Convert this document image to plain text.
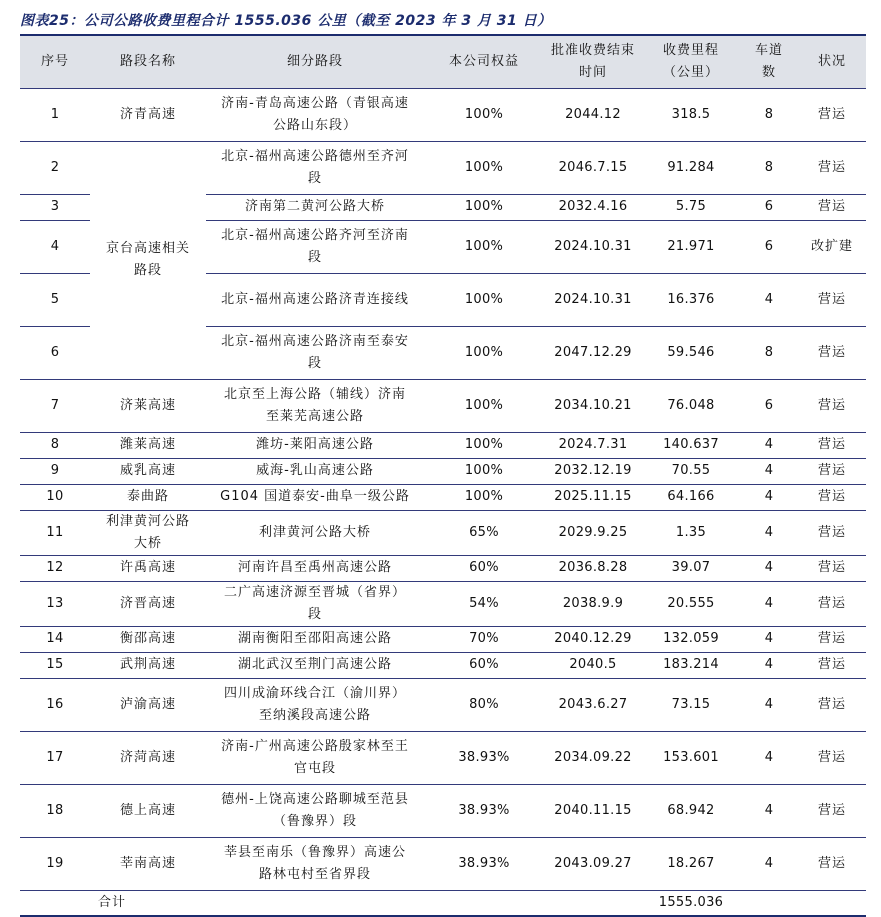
图表25：公司公路收费里程合计 1555.036 公里（截至 2023 年 3 月 31 日）
序号	路段名称	细分路段	本公司权益	批准收费结束时间	收费里程（公里）	车道数	状况
1	济青高速	济南-青岛高速公路（青银高速公路山东段）	100%	2044.12	318.5	8	营运
2	京台高速相关路段	北京-福州高速公路德州至齐河段	100%	2046.7.15	91.284	8	营运
3		济南第二黄河公路大桥	100%	2032.4.16	5.75	6	营运
4		北京-福州高速公路齐河至济南段	100%	2024.10.31	21.971	6	改扩建
5		北京-福州高速公路济青连接线	100%	2024.10.31	16.376	4	营运
6		北京-福州高速公路济南至泰安段	100%	2047.12.29	59.546	8	营运
7	济莱高速	北京至上海公路（辅线）济南至莱芜高速公路	100%	2034.10.21	76.048	6	营运
8	潍莱高速	潍坊-莱阳高速公路	100%	2024.7.31	140.637	4	营运
9	威乳高速	威海-乳山高速公路	100%	2032.12.19	70.55	4	营运
10	泰曲路	G104 国道泰安-曲阜一级公路	100%	2025.11.15	64.166	4	营运
11	利津黄河公路大桥	利津黄河公路大桥	65%	2029.9.25	1.35	4	营运
12	许禹高速	河南许昌至禹州高速公路	60%	2036.8.28	39.07	4	营运
13	济晋高速	二广高速济源至晋城（省界）段	54%	2038.9.9	20.555	4	营运
14	衡邵高速	湖南衡阳至邵阳高速公路	70%	2040.12.29	132.059	4	营运
15	武荆高速	湖北武汉至荆门高速公路	60%	2040.5	183.214	4	营运
16	泸渝高速	四川成渝环线合江（渝川界）至纳溪段高速公路	80%	2043.6.27	73.15	4	营运
17	济菏高速	济南-广州高速公路殷家林至王官屯段	38.93%	2034.09.22	153.601	4	营运
18	德上高速	德州-上饶高速公路聊城至范县（鲁豫界）段	38.93%	2040.11.15	68.942	4	营运
19	莘南高速	莘县至南乐（鲁豫界）高速公路林屯村至省界段	38.93%	2043.09.27	18.267	4	营运
合计					1555.036		
